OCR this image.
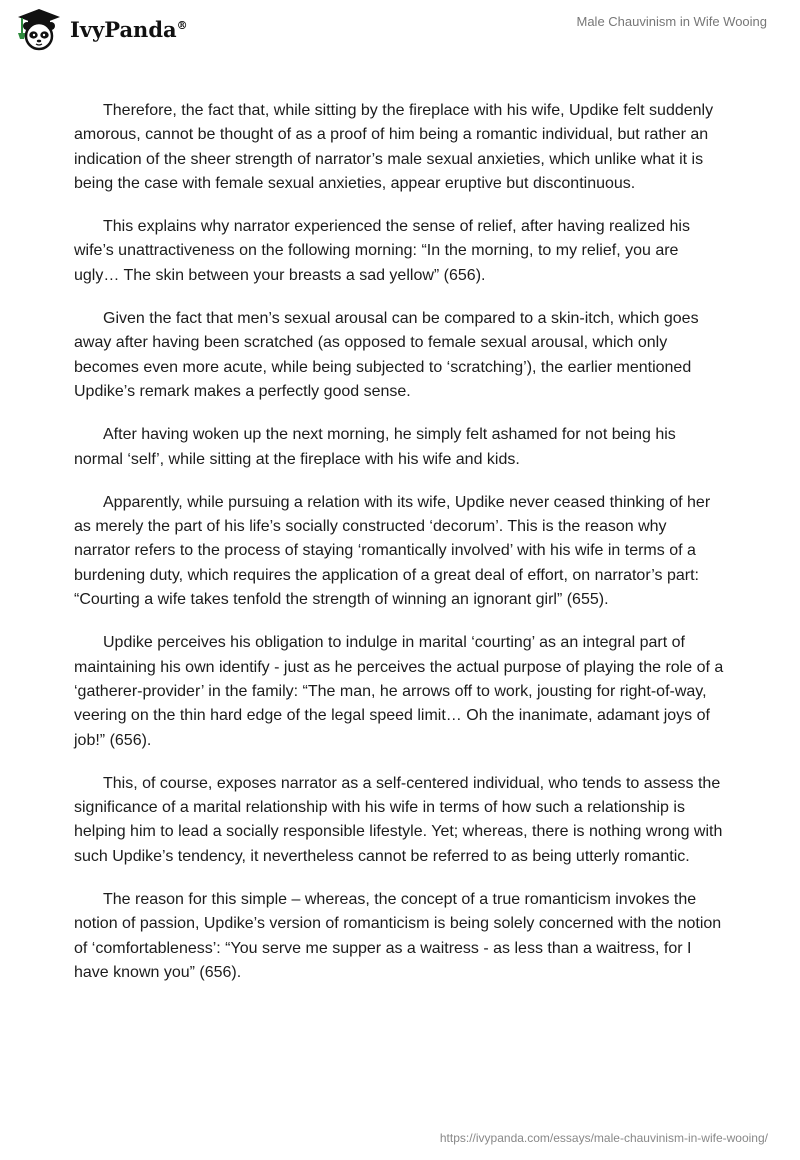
IvyPanda®	Male Chauvinism in Wife Wooing

Therefore, the fact that, while sitting by the fireplace with his wife, Updike felt suddenly amorous, cannot be thought of as a proof of him being a romantic individual, but rather an indication of the sheer strength of narrator’s male sexual anxieties, which unlike what it is being the case with female sexual anxieties, appear eruptive but discontinuous.

This explains why narrator experienced the sense of relief, after having realized his wife’s unattractiveness on the following morning: “In the morning, to my relief, you are ugly… The skin between your breasts a sad yellow” (656).

Given the fact that men’s sexual arousal can be compared to a skin-itch, which goes away after having been scratched (as opposed to female sexual arousal, which only becomes even more acute, while being subjected to ‘scratching’), the earlier mentioned Updike’s remark makes a perfectly good sense.

After having woken up the next morning, he simply felt ashamed for not being his normal ‘self’, while sitting at the fireplace with his wife and kids.

Apparently, while pursuing a relation with its wife, Updike never ceased thinking of her as merely the part of his life’s socially constructed ‘decorum’. This is the reason why narrator refers to the process of staying ‘romantically involved’ with his wife in terms of a burdening duty, which requires the application of a great deal of effort, on narrator’s part: “Courting a wife takes tenfold the strength of winning an ignorant girl” (655).

Updike perceives his obligation to indulge in marital ‘courting’ as an integral part of maintaining his own identify - just as he perceives the actual purpose of playing the role of a ‘gatherer-provider’ in the family: “The man, he arrows off to work, jousting for right-of-way, veering on the thin hard edge of the legal speed limit… Oh the inanimate, adamant joys of job!” (656).

This, of course, exposes narrator as a self-centered individual, who tends to assess the significance of a marital relationship with his wife in terms of how such a relationship is helping him to lead a socially responsible lifestyle. Yet; whereas, there is nothing wrong with such Updike’s tendency, it nevertheless cannot be referred to as being utterly romantic.

The reason for this simple – whereas, the concept of a true romanticism invokes the notion of passion, Updike’s version of romanticism is being solely concerned with the notion of ‘comfortableness’: “You serve me supper as a waitress - as less than a waitress, for I have known you” (656).

https://ivypanda.com/essays/male-chauvinism-in-wife-wooing/
